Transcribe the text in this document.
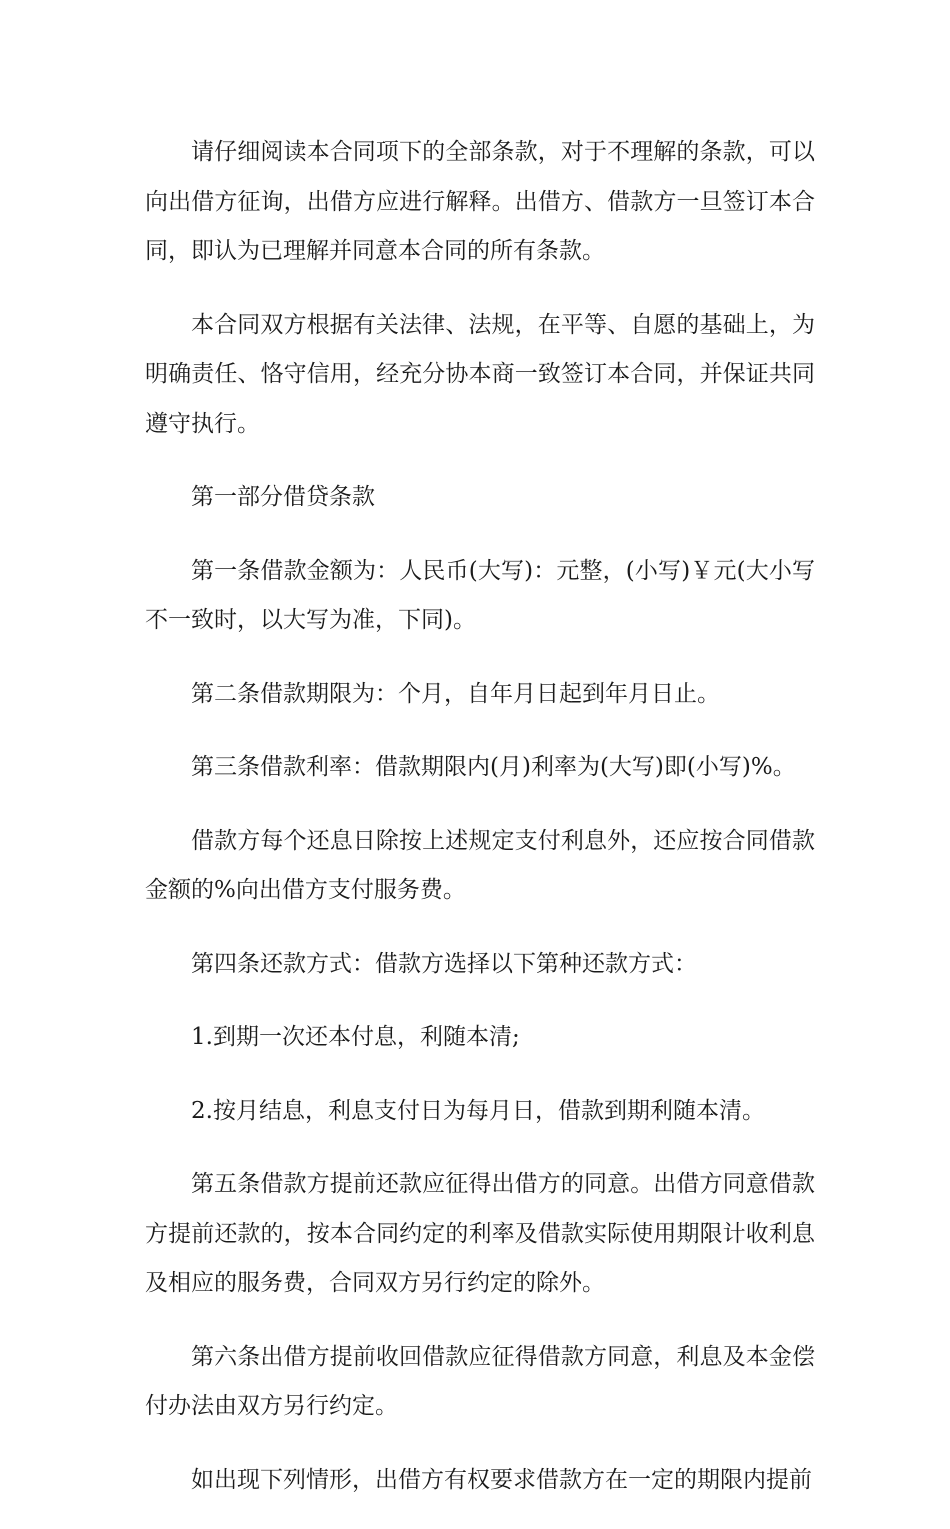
请仔细阅读本合同项下的全部条款，对于不理解的条款，可以向出借方征询，出借方应进行解释。出借方、借款方一旦签订本合同，即认为已理解并同意本合同的所有条款。

本合同双方根据有关法律、法规，在平等、自愿的基础上，为明确责任、恪守信用，经充分协本商一致签订本合同，并保证共同遵守执行。

第一部分借贷条款

第一条借款金额为：人民币(大写)：元整，(小写)￥元(大小写不一致时，以大写为准，下同)。

第二条借款期限为：个月，自年月日起到年月日止。

第三条借款利率：借款期限内(月)利率为(大写)即(小写)%。

借款方每个还息日除按上述规定支付利息外，还应按合同借款金额的%向出借方支付服务费。

第四条还款方式：借款方选择以下第种还款方式：

1.到期一次还本付息，利随本清;

2.按月结息，利息支付日为每月日，借款到期利随本清。

第五条借款方提前还款应征得出借方的同意。出借方同意借款方提前还款的，按本合同约定的利率及借款实际使用期限计收利息及相应的服务费，合同双方另行约定的除外。

第六条出借方提前收回借款应征得借款方同意，利息及本金偿付办法由双方另行约定。

如出现下列情形，出借方有权要求借款方在一定的期限内提前
